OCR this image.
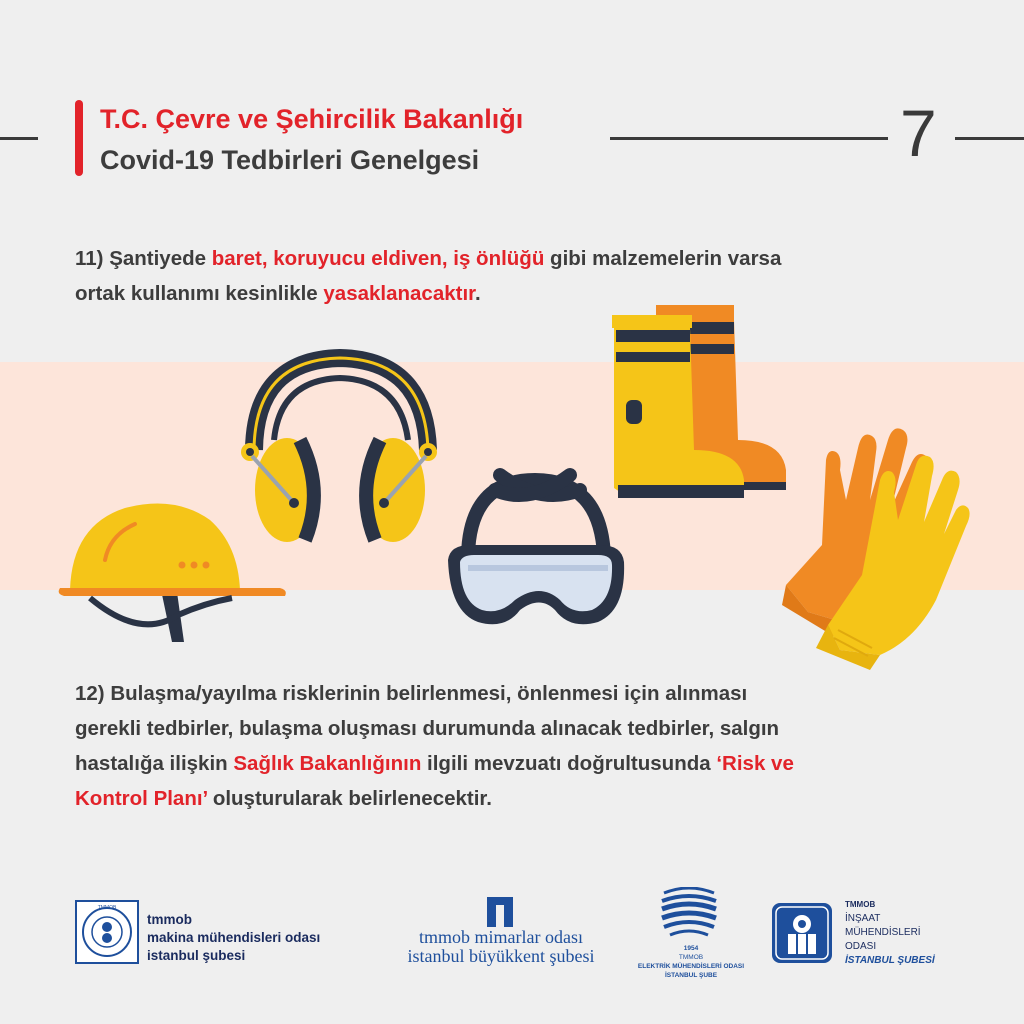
T.C. Çevre ve Şehircilik Bakanlığı
Covid-19 Tedbirleri Genelgesi	7
11) Şantiyede baret, koruyucu eldiven, iş önlüğü gibi malzemelerin varsa
ortak kullanımı kesinlikle yasaklanacaktır.
12) Bulaşma/yayılma risklerinin belirlenmesi, önlenmesi için alınması
gerekli tedbirler, bulaşma oluşması durumunda alınacak tedbirler, salgın
hastalığa ilişkin Sağlık Bakanlığının ilgili mevzuatı doğrultusunda ‘Risk ve
Kontrol Planı’ oluşturularak belirlenecektir.
TMMOB
tmmob
makina mühendisleri odası
istanbul şubesi
tmmob mimarlar odası
istanbul büyükkent şubesi	1954
TMMOB
ELEKTRİK MÜHENDİSLERİ ODASI
İSTANBUL ŞUBE
TMMOB
İNŞAAT
MÜHENDİSLERİ
ODASI
İSTANBUL ŞUBESİ
